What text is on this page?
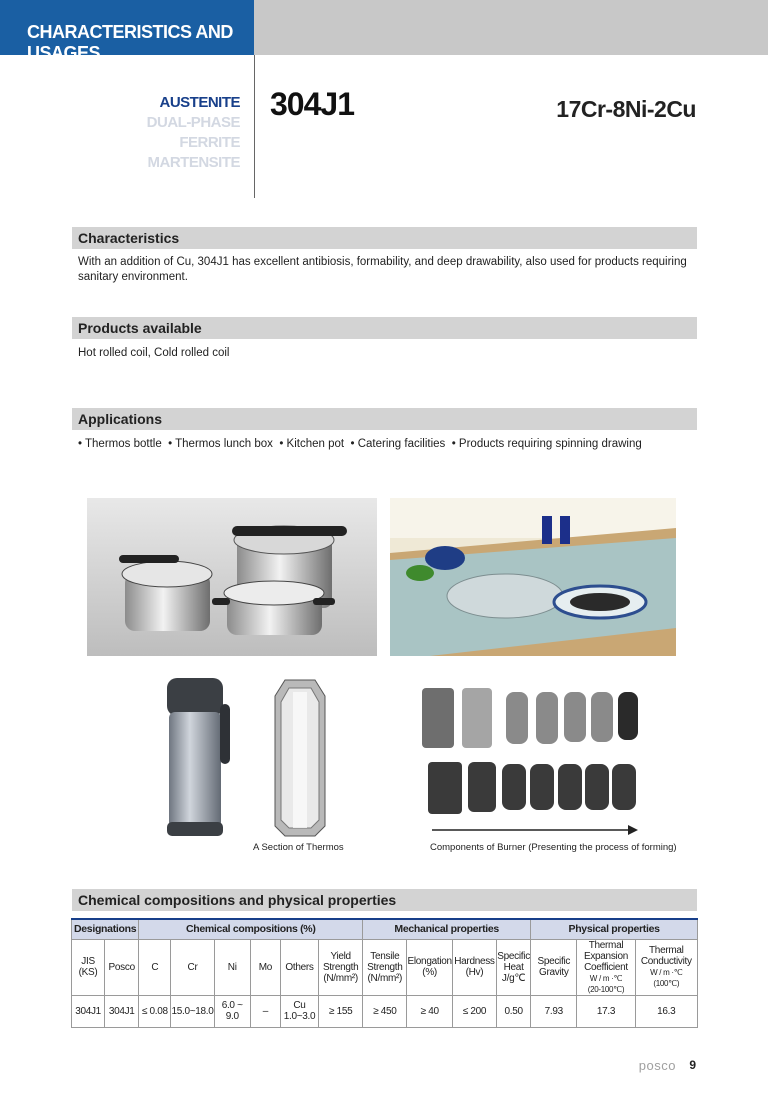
CHARACTERISTICS AND USAGES
AUSTENITE
DUAL-PHASE
FERRITE
MARTENSITE
304J1	17Cr-8Ni-2Cu
Characteristics
With an addition of Cu, 304J1 has excellent antibiosis, formability, and deep drawability, also used for products requiring sanitary environment.
Products available
Hot rolled coil, Cold rolled coil
Applications
• Thermos bottle • Thermos lunch box • Kitchen pot • Catering facilities • Products requiring spinning drawing
A Section of Thermos	Components of Burner (Presenting the process of forming)
Chemical compositions and physical properties
Designations		Chemical compositions (%)						Mechanical properties				Physical properties		
JIS
(KS)	Posco	C	Cr	Ni	Mo	Others	Yield
Strength
(N/mm²)	Tensile
Strength
(N/mm²)	Elongation
(%)	Hardness
(Hv)	Specific
Heat
J/g℃	Specific
Gravity	Thermal
Expansion
Coefficient
W / m ·℃
(20-100℃)	Thermal
Conductivity
W / m ·℃
(100℃)
304J1	304J1	≤ 0.08	15.0~18.0	6.0 ~ 9.0	–	Cu
1.0~3.0	≥ 155	≥ 450	≥ 40	≤ 200	0.50	7.93	17.3	16.3
posco 9
